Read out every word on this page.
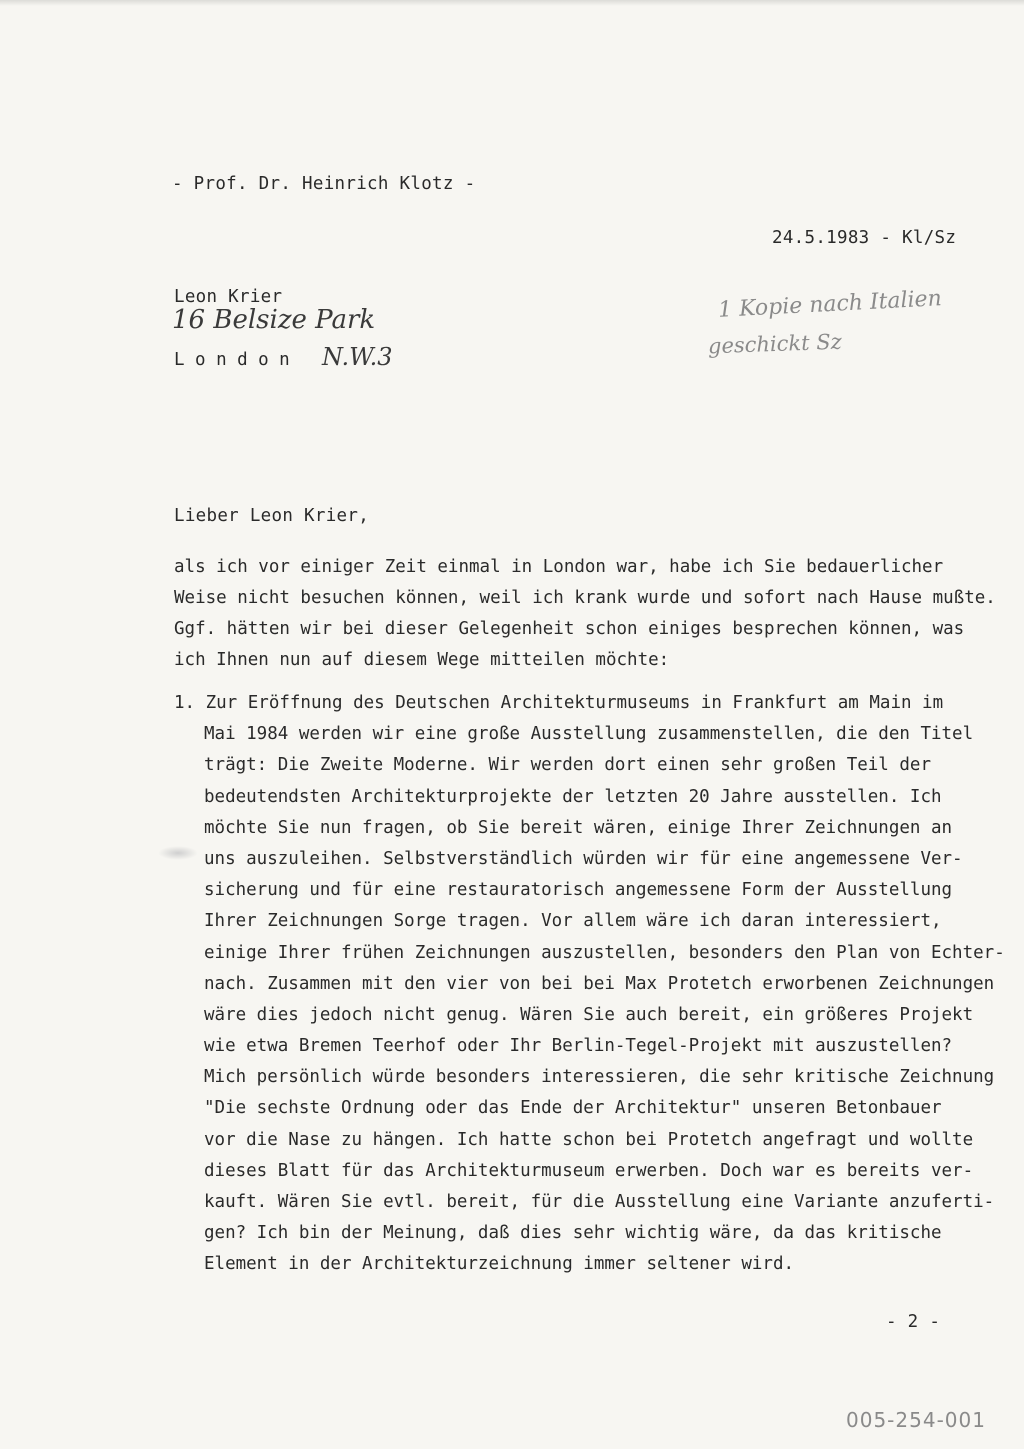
- Prof. Dr. Heinrich Klotz -
24.5.1983 - Kl/Sz
Leon Krier
16 Belsize Park
London N.W.3
1 Kopie nach Italien
geschickt Sz
Lieber Leon Krier,
als ich vor einiger Zeit einmal in London war, habe ich Sie bedauerlicher
Weise nicht besuchen können, weil ich krank wurde und sofort nach Hause mußte.
Ggf. hätten wir bei dieser Gelegenheit schon einiges besprechen können, was
ich Ihnen nun auf diesem Wege mitteilen möchte:
1. Zur Eröffnung des Deutschen Architekturmuseums in Frankfurt am Main im
Mai 1984 werden wir eine große Ausstellung zusammenstellen, die den Titel
trägt: Die Zweite Moderne. Wir werden dort einen sehr großen Teil der
bedeutendsten Architekturprojekte der letzten 20 Jahre ausstellen. Ich
möchte Sie nun fragen, ob Sie bereit wären, einige Ihrer Zeichnungen an
uns auszuleihen. Selbstverständlich würden wir für eine angemessene Ver-
sicherung und für eine restauratorisch angemessene Form der Ausstellung
Ihrer Zeichnungen Sorge tragen. Vor allem wäre ich daran interessiert,
einige Ihrer frühen Zeichnungen auszustellen, besonders den Plan von Echter-
nach. Zusammen mit den vier von bei bei Max Protetch erworbenen Zeichnungen
wäre dies jedoch nicht genug. Wären Sie auch bereit, ein größeres Projekt
wie etwa Bremen Teerhof oder Ihr Berlin-Tegel-Projekt mit auszustellen?
Mich persönlich würde besonders interessieren, die sehr kritische Zeichnung
"Die sechste Ordnung oder das Ende der Architektur" unseren Betonbauer
vor die Nase zu hängen. Ich hatte schon bei Protetch angefragt und wollte
dieses Blatt für das Architekturmuseum erwerben. Doch war es bereits ver-
kauft. Wären Sie evtl. bereit, für die Ausstellung eine Variante anzuferti-
gen? Ich bin der Meinung, daß dies sehr wichtig wäre, da das kritische
Element in der Architekturzeichnung immer seltener wird.
- 2 -
005-254-001
